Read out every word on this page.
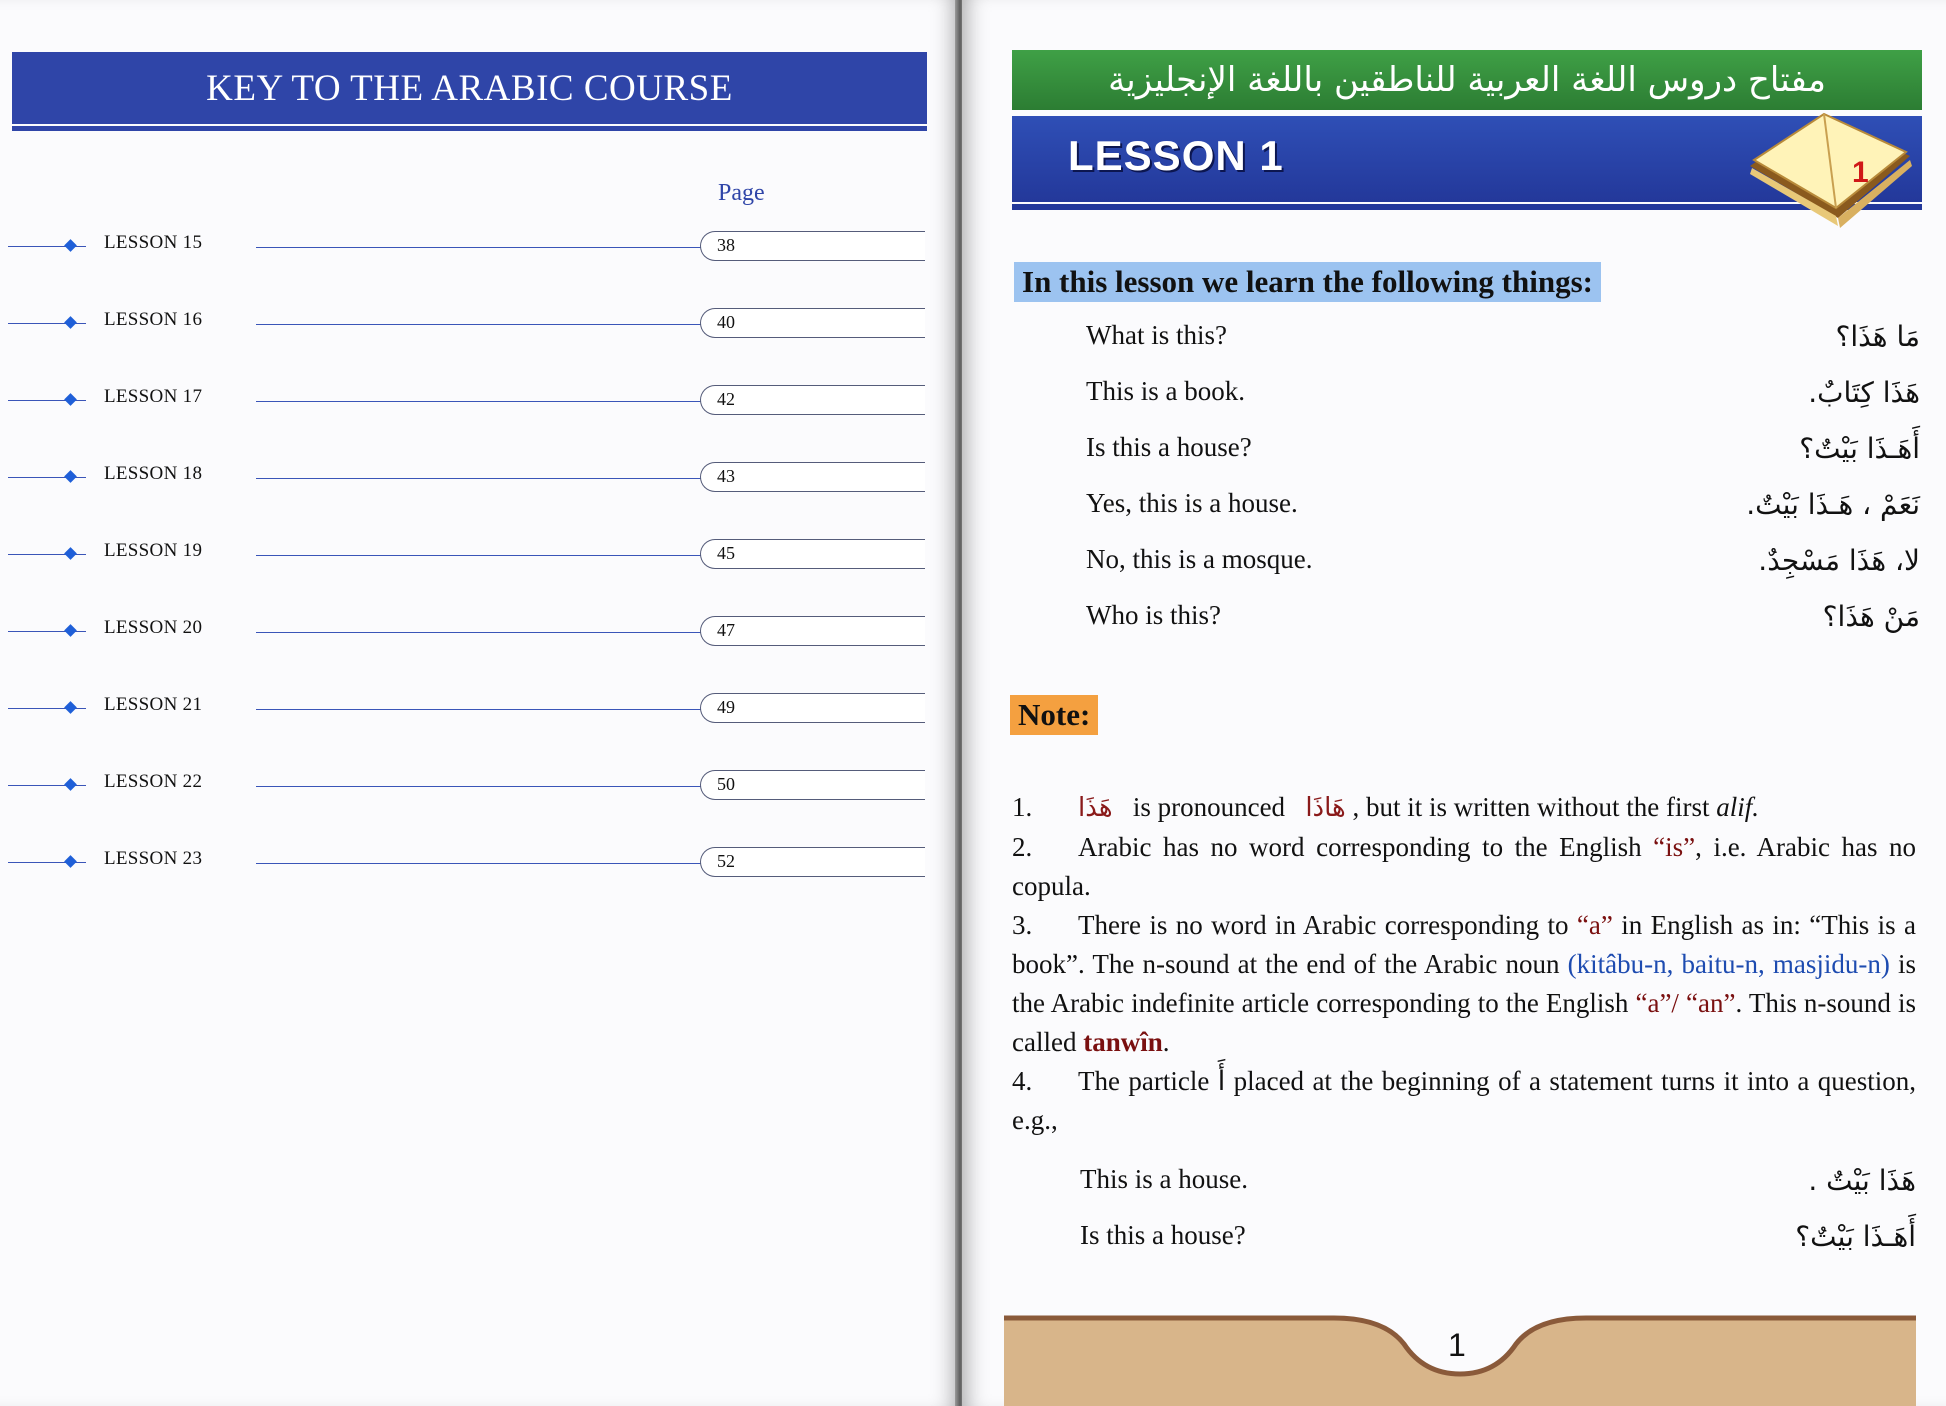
KEY TO THE ARABIC COURSE
Page
LESSON 15	38
LESSON 16	40
LESSON 17	42
LESSON 18	43
LESSON 19	45
LESSON 20	47
LESSON 21	49
LESSON 22	50
LESSON 23	52
مفتاح دروس اللغة العربية للناطقين باللغة الإنجليزية
LESSON 1	1
In this lesson we learn the following things:
What is this?	مَا هَذَا؟
This is a book.	هَذَا كِتَابٌ.
Is this a house?	أَهَـذَا بَيْتٌ؟
Yes, this is a house.	نَعَمْ ، هَـذَا بَيْتٌ.
No, this is a mosque.	لا، هَذَا مَسْجِدٌ.
Who is this?	مَنْ هَذَا؟
Note:

1. هَذَا is pronounced هَاذَا , but it is written without the first alif.

2. Arabic has no word corresponding to the English “is”, i.e. Arabic has no copula.

3. There is no word in Arabic corresponding to “a” in English as in: “This is a book”. The n-sound at the end of the Arabic noun (kitâbu-n, baitu-n, masjidu-n) is the Arabic indefinite article corresponding to the English “a”/ “an”. This n-sound is called tanwîn.

4. The particle أَ placed at the beginning of a statement turns it into a question, e.g.,

This is a house.	هَذَا بَيْتٌ .
Is this a house?	أَهَـذَا بَيْتٌ؟
1
